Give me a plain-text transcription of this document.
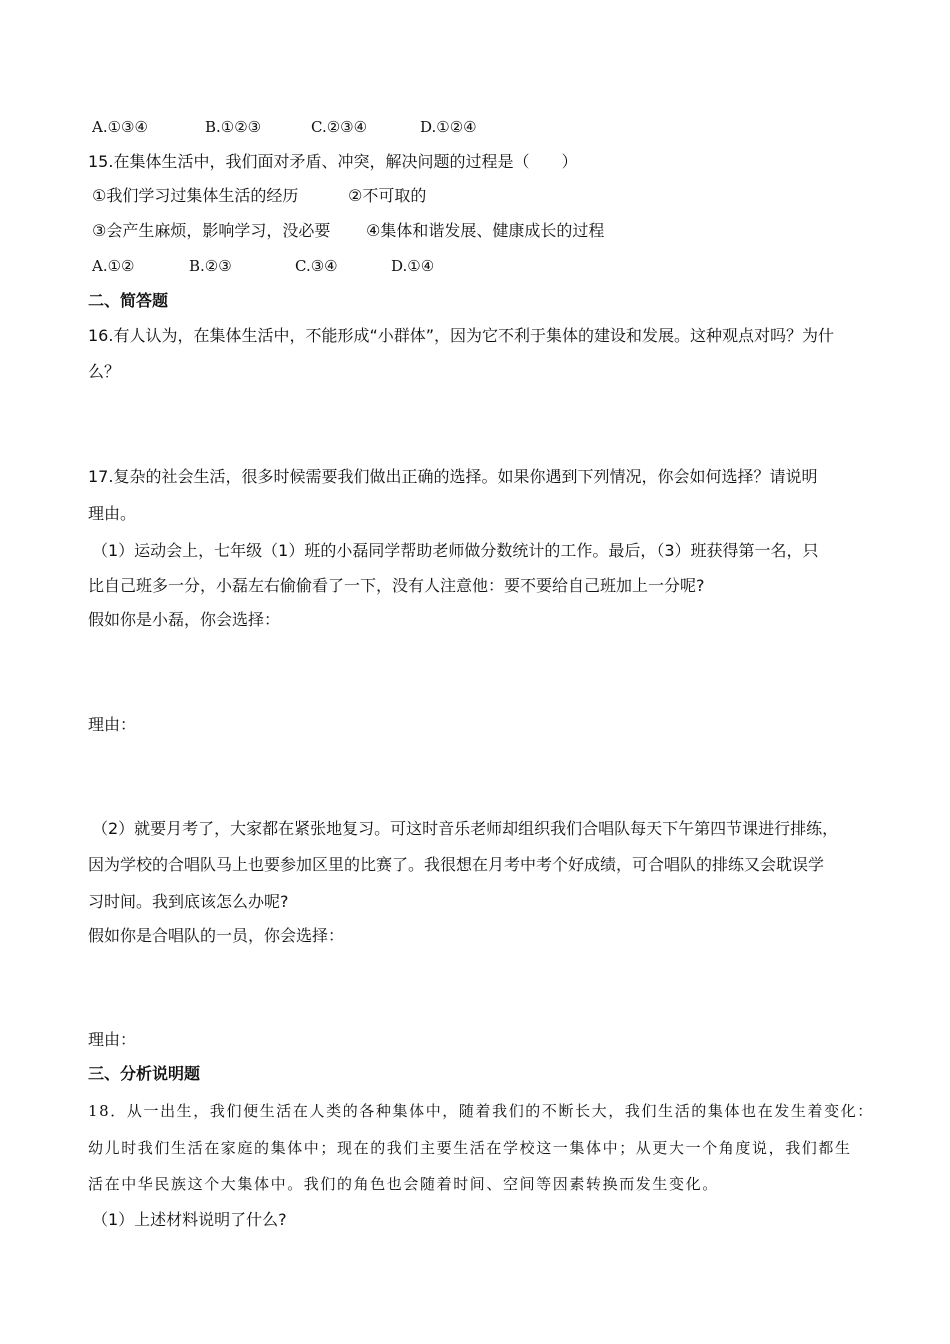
A.①③④	B.①②③	C.②③④	D.①②④
15.在集体生活中，我们面对矛盾、冲突，解决问题的过程是（　　）
①我们学习过集体生活的经历	②不可取的
③会产生麻烦，影响学习，没必要 ④集体和谐发展、健康成长的过程
A.①②	B.②③	C.③④	D.①④
二、简答题
16.有人认为，在集体生活中，不能形成“小群体”，因为它不利于集体的建设和发展。这种观点对吗？为什
么？
17.复杂的社会生活，很多时候需要我们做出正确的选择。如果你遇到下列情况，你会如何选择？请说明
理由。
（1）运动会上，七年级（1）班的小磊同学帮助老师做分数统计的工作。最后，（3）班获得第一名，只
比自己班多一分，小磊左右偷偷看了一下，没有人注意他：要不要给自己班加上一分呢?
假如你是小磊，你会选择：
理由：
（2）就要月考了，大家都在紧张地复习。可这时音乐老师却组织我们合唱队每天下午第四节课进行排练，
因为学校的合唱队马上也要参加区里的比赛了。我很想在月考中考个好成绩，可合唱队的排练又会耽误学
习时间。我到底该怎么办呢?
假如你是合唱队的一员，你会选择：
理由：
三、分析说明题
18．从一出生，我们便生活在人类的各种集体中，随着我们的不断长大，我们生活的集体也在发生着变化：
幼儿时我们生活在家庭的集体中；现在的我们主要生活在学校这一集体中；从更大一个角度说，我们都生
活在中华民族这个大集体中。我们的角色也会随着时间、空间等因素转换而发生变化。
（1）上述材料说明了什么?
